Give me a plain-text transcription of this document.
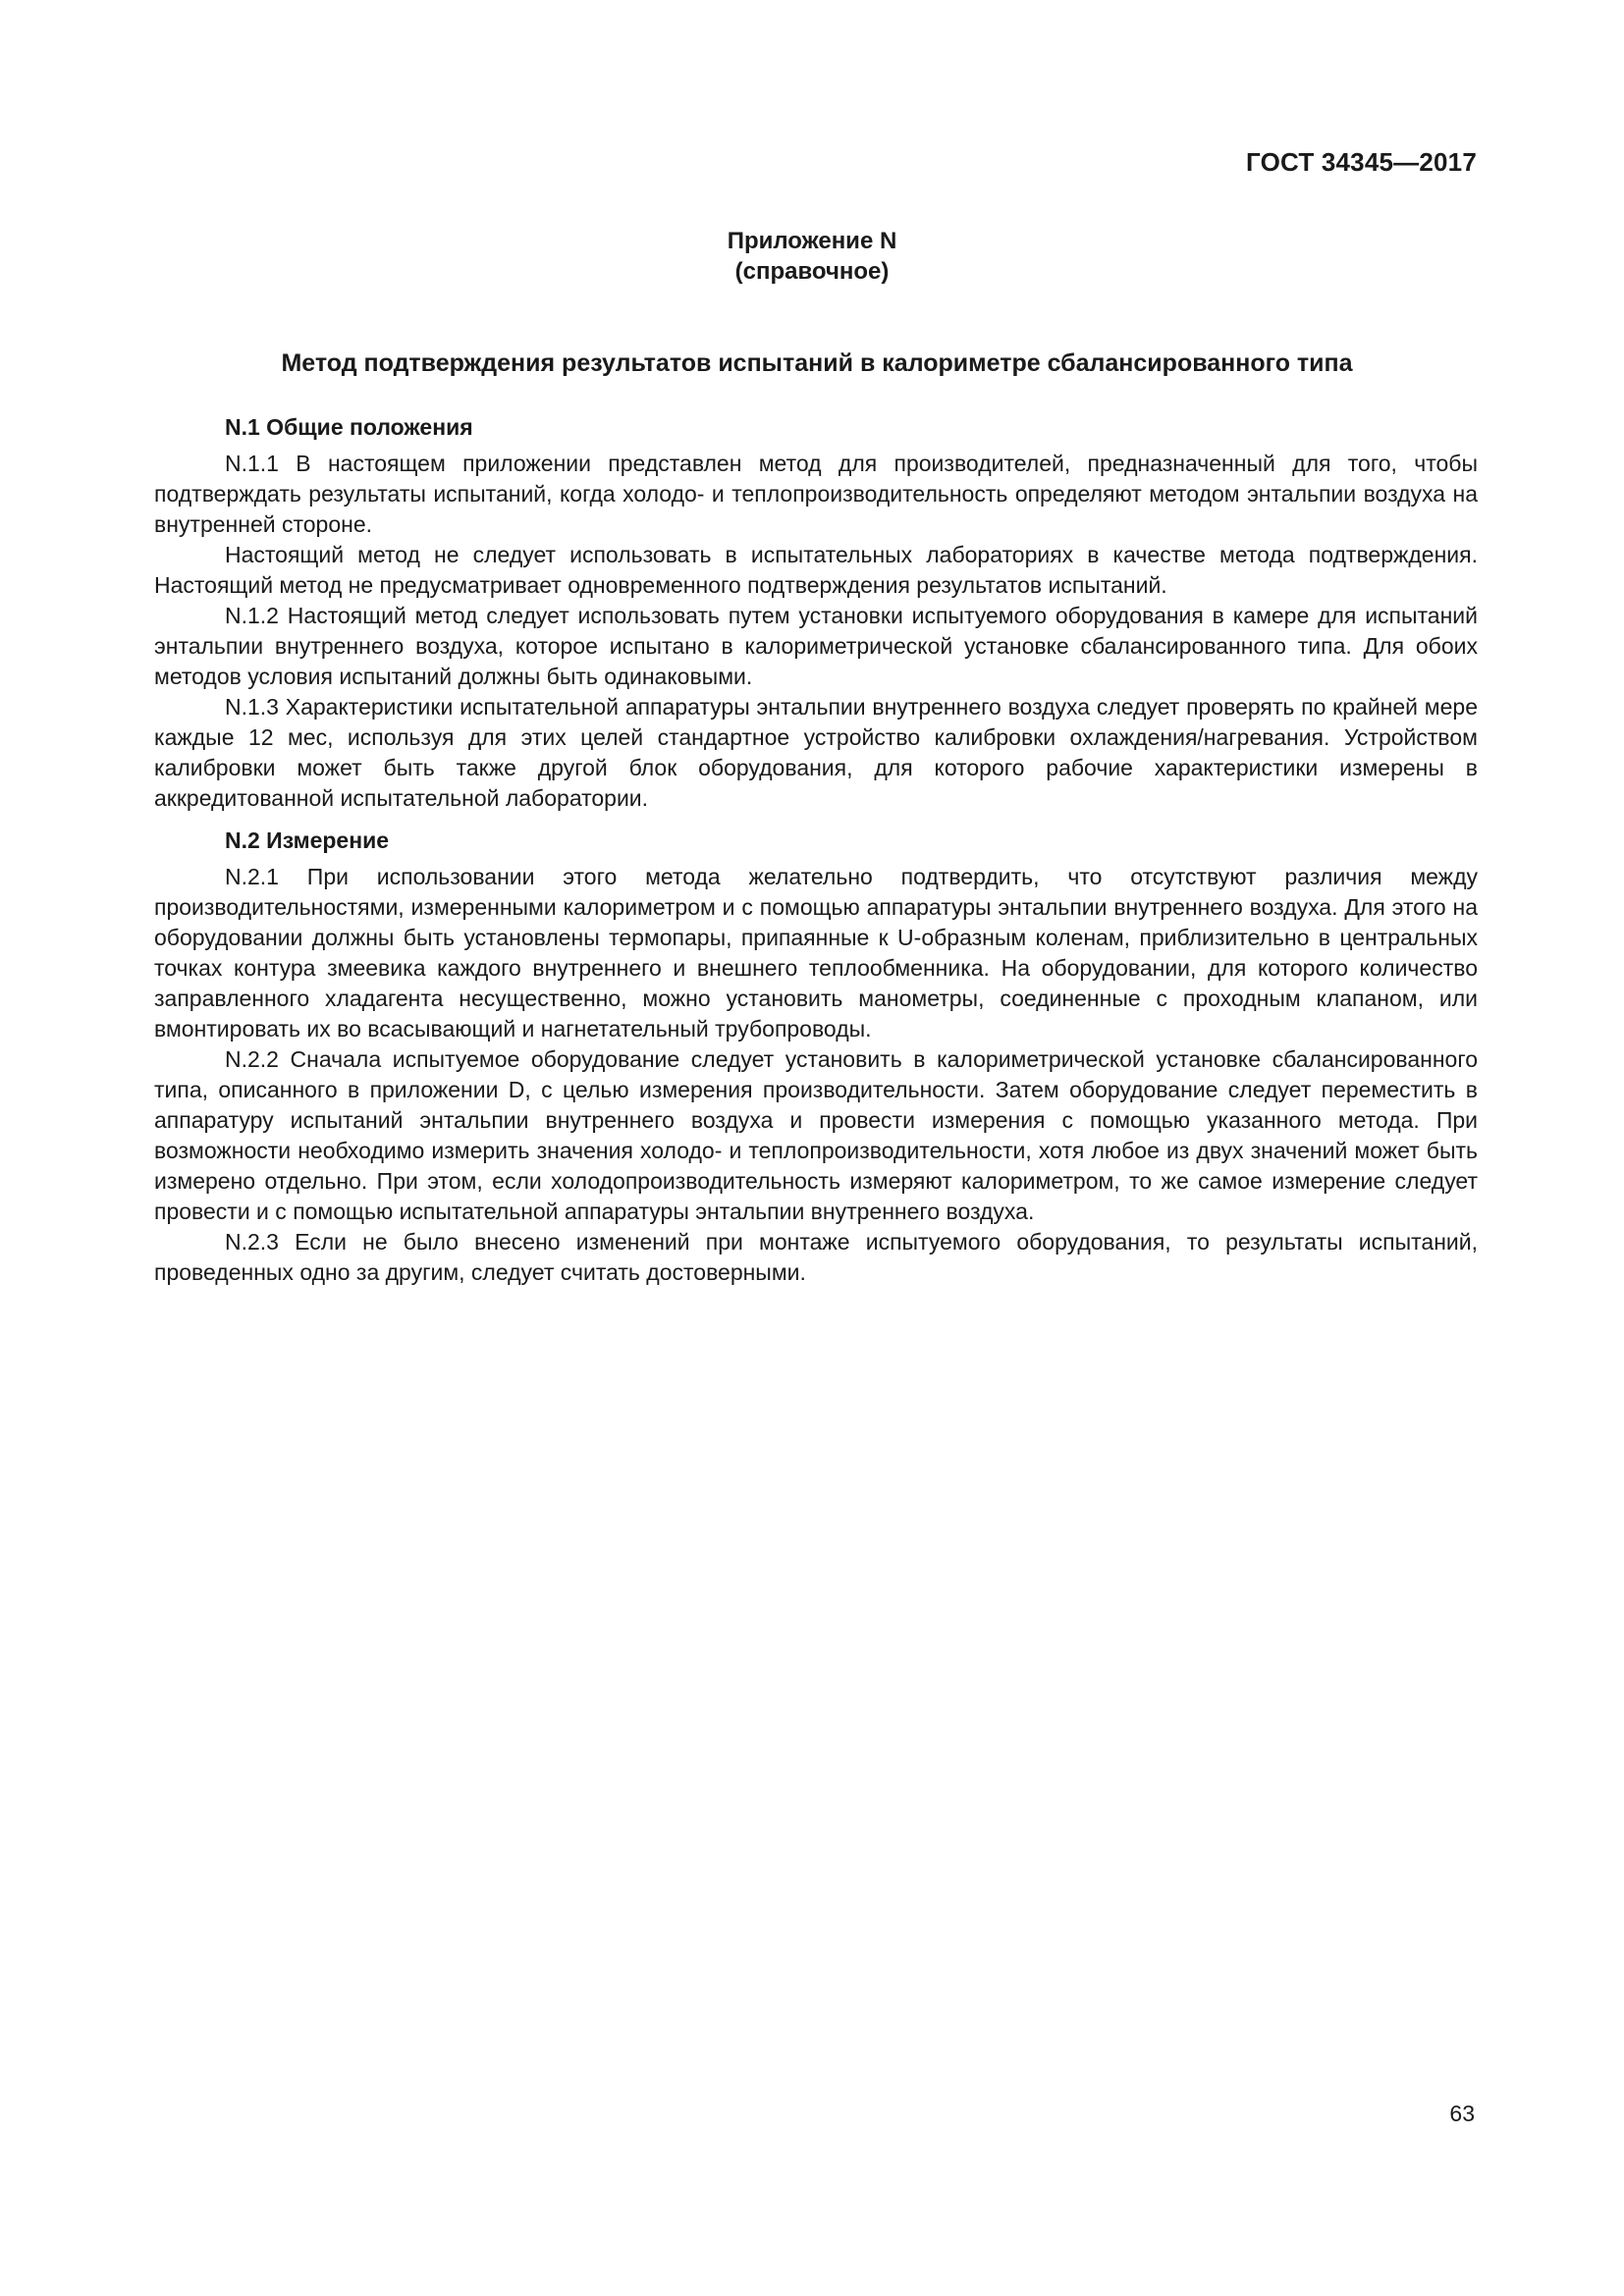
ГОСТ 34345—2017
Приложение N
(справочное)
Метод подтверждения результатов испытаний в калориметре сбалансированного типа
N.1 Общие положения

N.1.1 В настоящем приложении представлен метод для производителей, предназначенный для того, чтобы подтверждать результаты испытаний, когда холодо- и теплопроизводительность определяют методом энтальпии воздуха на внутренней стороне.

Настоящий метод не следует использовать в испытательных лабораториях в качестве метода подтверждения. Настоящий метод не предусматривает одновременного подтверждения результатов испытаний.

N.1.2 Настоящий метод следует использовать путем установки испытуемого оборудования в камере для испытаний энтальпии внутреннего воздуха, которое испытано в калориметрической установке сбалансированного типа. Для обоих методов условия испытаний должны быть одинаковыми.

N.1.3 Характеристики испытательной аппаратуры энтальпии внутреннего воздуха следует проверять по крайней мере каждые 12 мес, используя для этих целей стандартное устройство калибровки охлаждения/нагревания. Устройством калибровки может быть также другой блок оборудования, для которого рабочие характеристики измерены в аккредитованной испытательной лаборатории.

N.2 Измерение

N.2.1 При использовании этого метода желательно подтвердить, что отсутствуют различия между производительностями, измеренными калориметром и с помощью аппаратуры энтальпии внутреннего воздуха. Для этого на оборудовании должны быть установлены термопары, припаянные к U-образным коленам, приблизительно в центральных точках контура змеевика каждого внутреннего и внешнего теплообменника. На оборудовании, для которого количество заправленного хладагента несущественно, можно установить манометры, соединенные с проходным клапаном, или вмонтировать их во всасывающий и нагнетательный трубопроводы.

N.2.2 Сначала испытуемое оборудование следует установить в калориметрической установке сбалансированного типа, описанного в приложении D, с целью измерения производительности. Затем оборудование следует переместить в аппаратуру испытаний энтальпии внутреннего воздуха и провести измерения с помощью указанного метода. При возможности необходимо измерить значения холодо- и теплопроизводительности, хотя любое из двух значений может быть измерено отдельно. При этом, если холодопроизводительность измеряют калориметром, то же самое измерение следует провести и с помощью испытательной аппаратуры энтальпии внутреннего воздуха.

N.2.3 Если не было внесено изменений при монтаже испытуемого оборудования, то результаты испытаний, проведенных одно за другим, следует считать достоверными.

63
